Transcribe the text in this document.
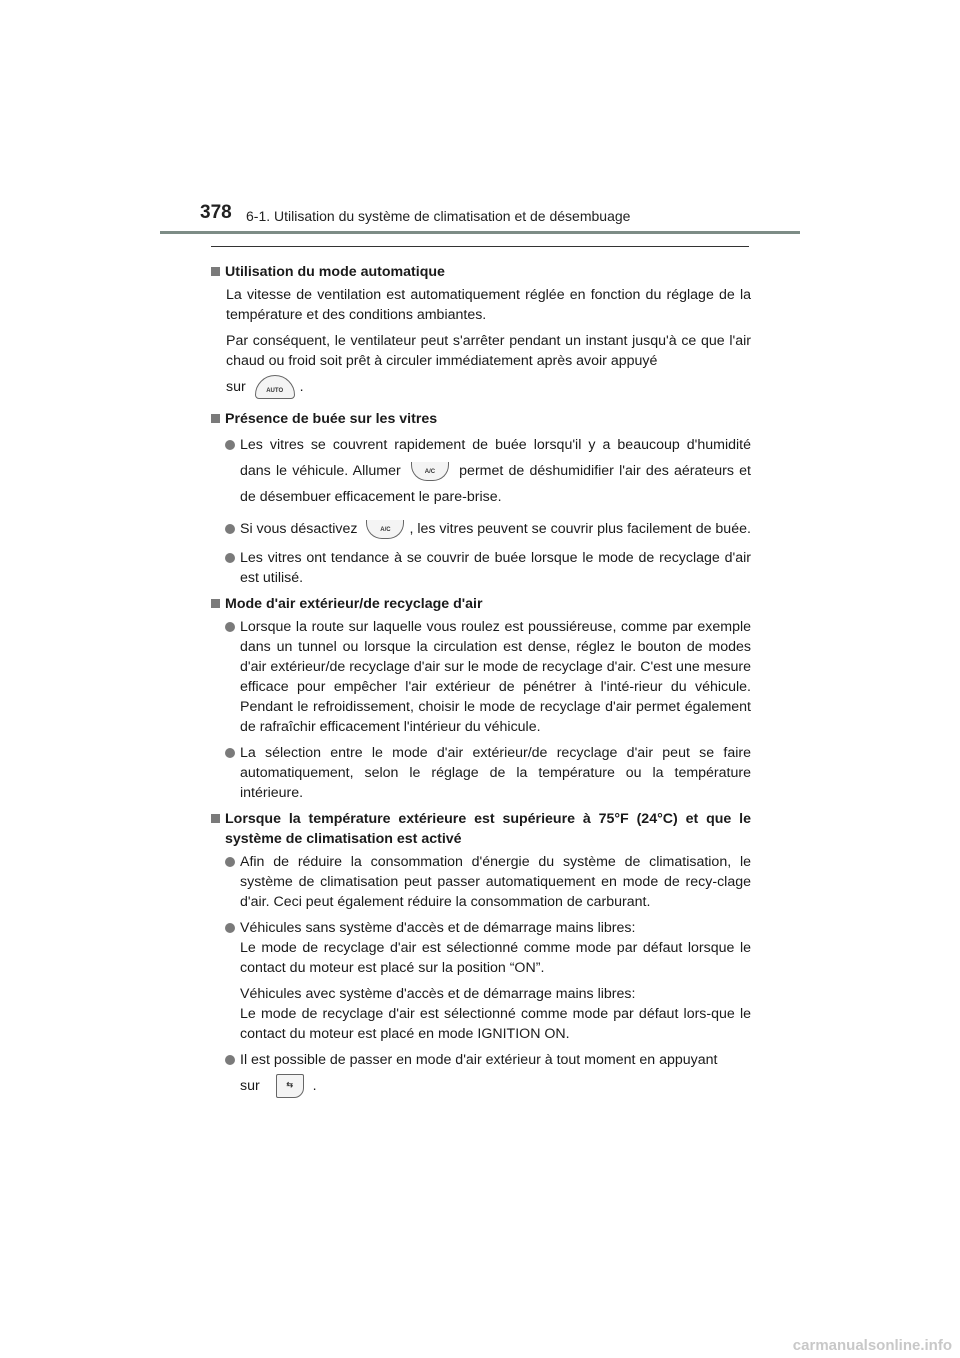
378 6-1. Utilisation du système de climatisation et de désembuage
Utilisation du mode automatique

La vitesse de ventilation est automatiquement réglée en fonction du réglage de la température et des conditions ambiantes.

Par conséquent, le ventilateur peut s'arrêter pendant un instant jusqu'à ce que l'air chaud ou froid soit prêt à circuler immédiatement après avoir appuyé
sur	AUTO	.

Présence de buée sur les vitres
Les vitres se couvrent rapidement de buée lorsqu'il y a beaucoup d'humidité dans le véhicule. Allumer	A/C	permet de déshumidifier l'air des aérateurs et de désembuer efficacement le pare-brise.
Si vous désactivez	A/C	, les vitres peuvent se couvrir plus facilement de buée.
Les vitres ont tendance à se couvrir de buée lorsque le mode de recyclage d'air est utilisé.
Mode d'air extérieur/de recyclage d'air
Lorsque la route sur laquelle vous roulez est poussiéreuse, comme par exemple dans un tunnel ou lorsque la circulation est dense, réglez le bouton de modes d'air extérieur/de recyclage d'air sur le mode de recyclage d'air. C'est une mesure efficace pour empêcher l'air extérieur de pénétrer à l'inté-rieur du véhicule. Pendant le refroidissement, choisir le mode de recyclage d'air permet également de rafraîchir efficacement l'intérieur du véhicule.
La sélection entre le mode d'air extérieur/de recyclage d'air peut se faire automatiquement, selon le réglage de la température ou la température intérieure.
Lorsque la température extérieure est supérieure à 75°F (24°C) et que le système de climatisation est activé
Afin de réduire la consommation d'énergie du système de climatisation, le système de climatisation peut passer automatiquement en mode de recy-clage d'air. Ceci peut également réduire la consommation de carburant.
Véhicules sans système d'accès et de démarrage mains libres:
Le mode de recyclage d'air est sélectionné comme mode par défaut lorsque le contact du moteur est placé sur la position “ON”.
Véhicules avec système d'accès et de démarrage mains libres:
Le mode de recyclage d'air est sélectionné comme mode par défaut lors-que le contact du moteur est placé en mode IGNITION ON.
Il est possible de passer en mode d'air extérieur à tout moment en appuyant
sur	⇆	.
carmanualsonline.info
